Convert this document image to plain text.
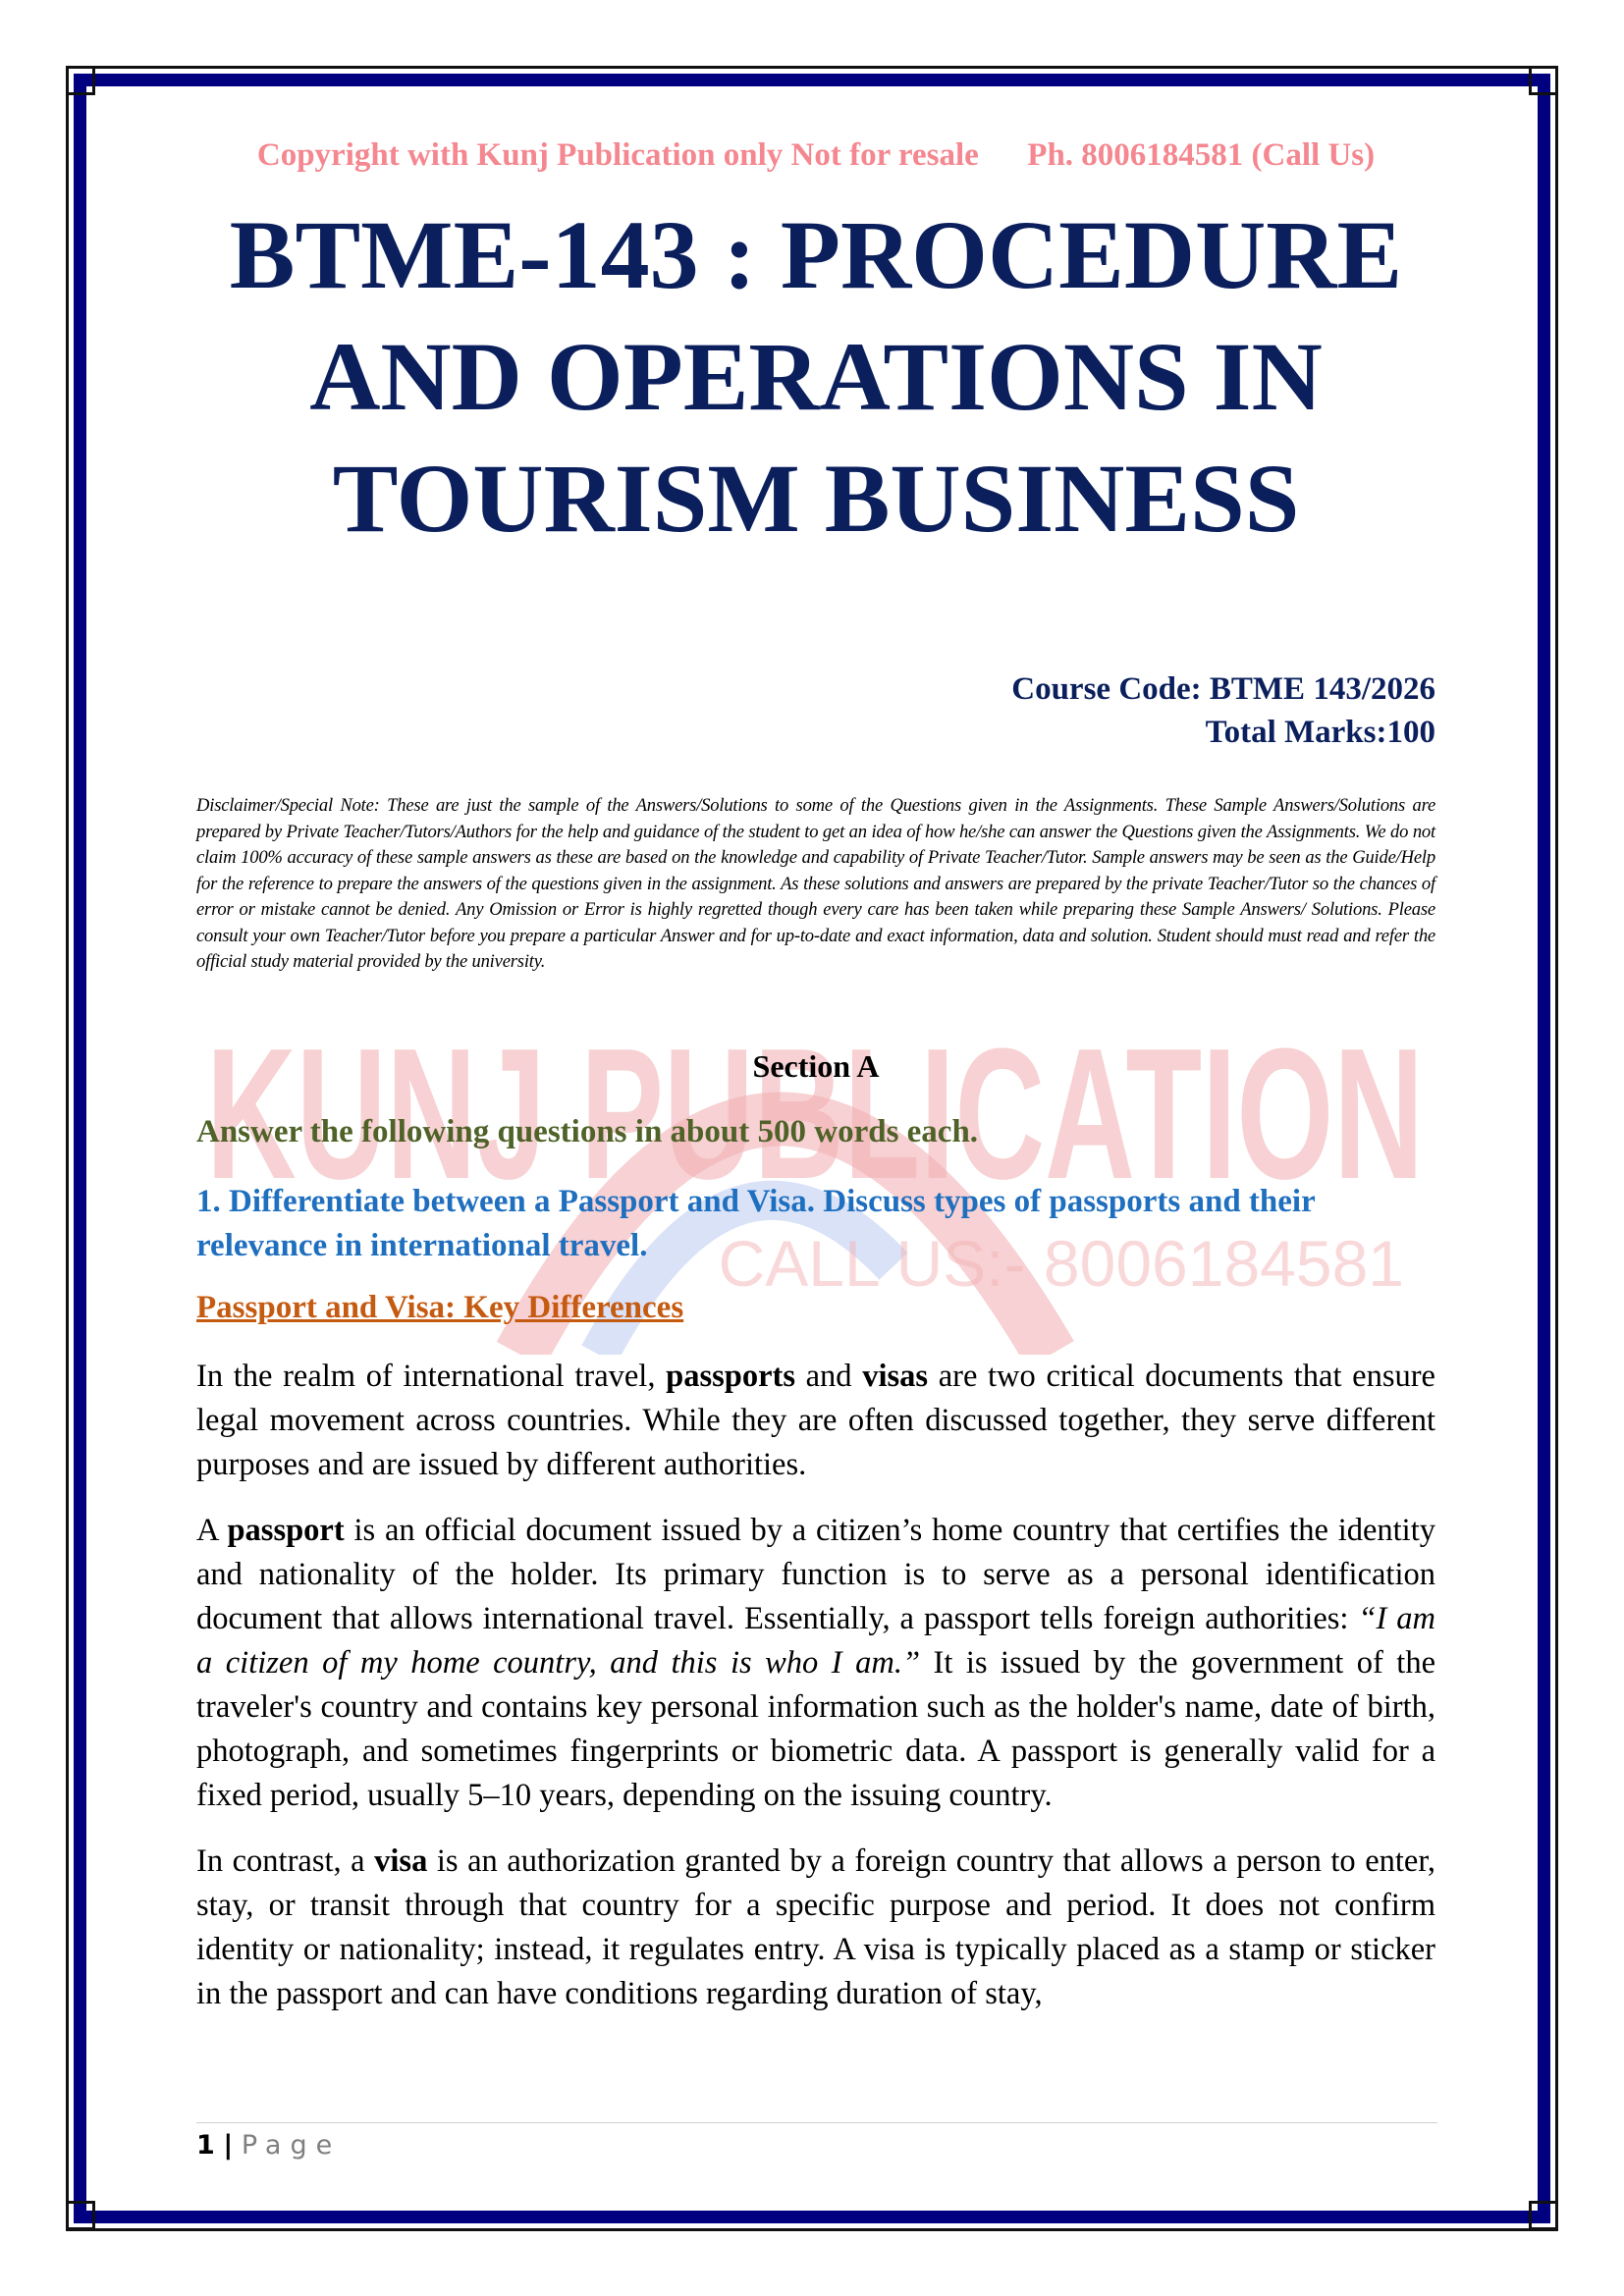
KUNJ PUBLICATION
CALL US:- 8006184581
Copyright with Kunj Publication only Not for resale Ph. 8006184581 (Call Us)
BTME-143 : PROCEDURE
AND OPERATIONS IN
TOURISM BUSINESS
Course Code: BTME 143/2026
Total Marks:100
Disclaimer/Special Note: These are just the sample of the Answers/Solutions to some of the Questions given in the Assignments. These Sample Answers/Solutions are prepared by Private Teacher/Tutors/Authors for the help and guidance of the student to get an idea of how he/she can answer the Questions given the Assignments. We do not claim 100% accuracy of these sample answers as these are based on the knowledge and capability of Private Teacher/Tutor. Sample answers may be seen as the Guide/Help for the reference to prepare the answers of the questions given in the assignment. As these solutions and answers are prepared by the private Teacher/Tutor so the chances of error or mistake cannot be denied. Any Omission or Error is highly regretted though every care has been taken while preparing these Sample Answers/ Solutions. Please consult your own Teacher/Tutor before you prepare a particular Answer and for up-to-date and exact information, data and solution. Student should must read and refer the official study material provided by the university.
Section A
Answer the following questions in about 500 words each.
1. Differentiate between a Passport and Visa. Discuss types of passports and their relevance in international travel.
Passport and Visa: Key Differences

In the realm of international travel, passports and visas are two critical documents that ensure legal movement across countries. While they are often discussed together, they serve different purposes and are issued by different authorities.

A passport is an official document issued by a citizen’s home country that certifies the identity and nationality of the holder. Its primary function is to serve as a personal identification document that allows international travel. Essentially, a passport tells foreign authorities: “I am a citizen of my home country, and this is who I am.” It is issued by the government of the traveler's country and contains key personal information such as the holder's name, date of birth, photograph, and sometimes fingerprints or biometric data. A passport is generally valid for a fixed period, usually 5–10 years, depending on the issuing country.

In contrast, a visa is an authorization granted by a foreign country that allows a person to enter, stay, or transit through that country for a specific purpose and period. It does not confirm identity or nationality; instead, it regulates entry. A visa is typically placed as a stamp or sticker in the passport and can have conditions regarding duration of stay,

1 | Page
